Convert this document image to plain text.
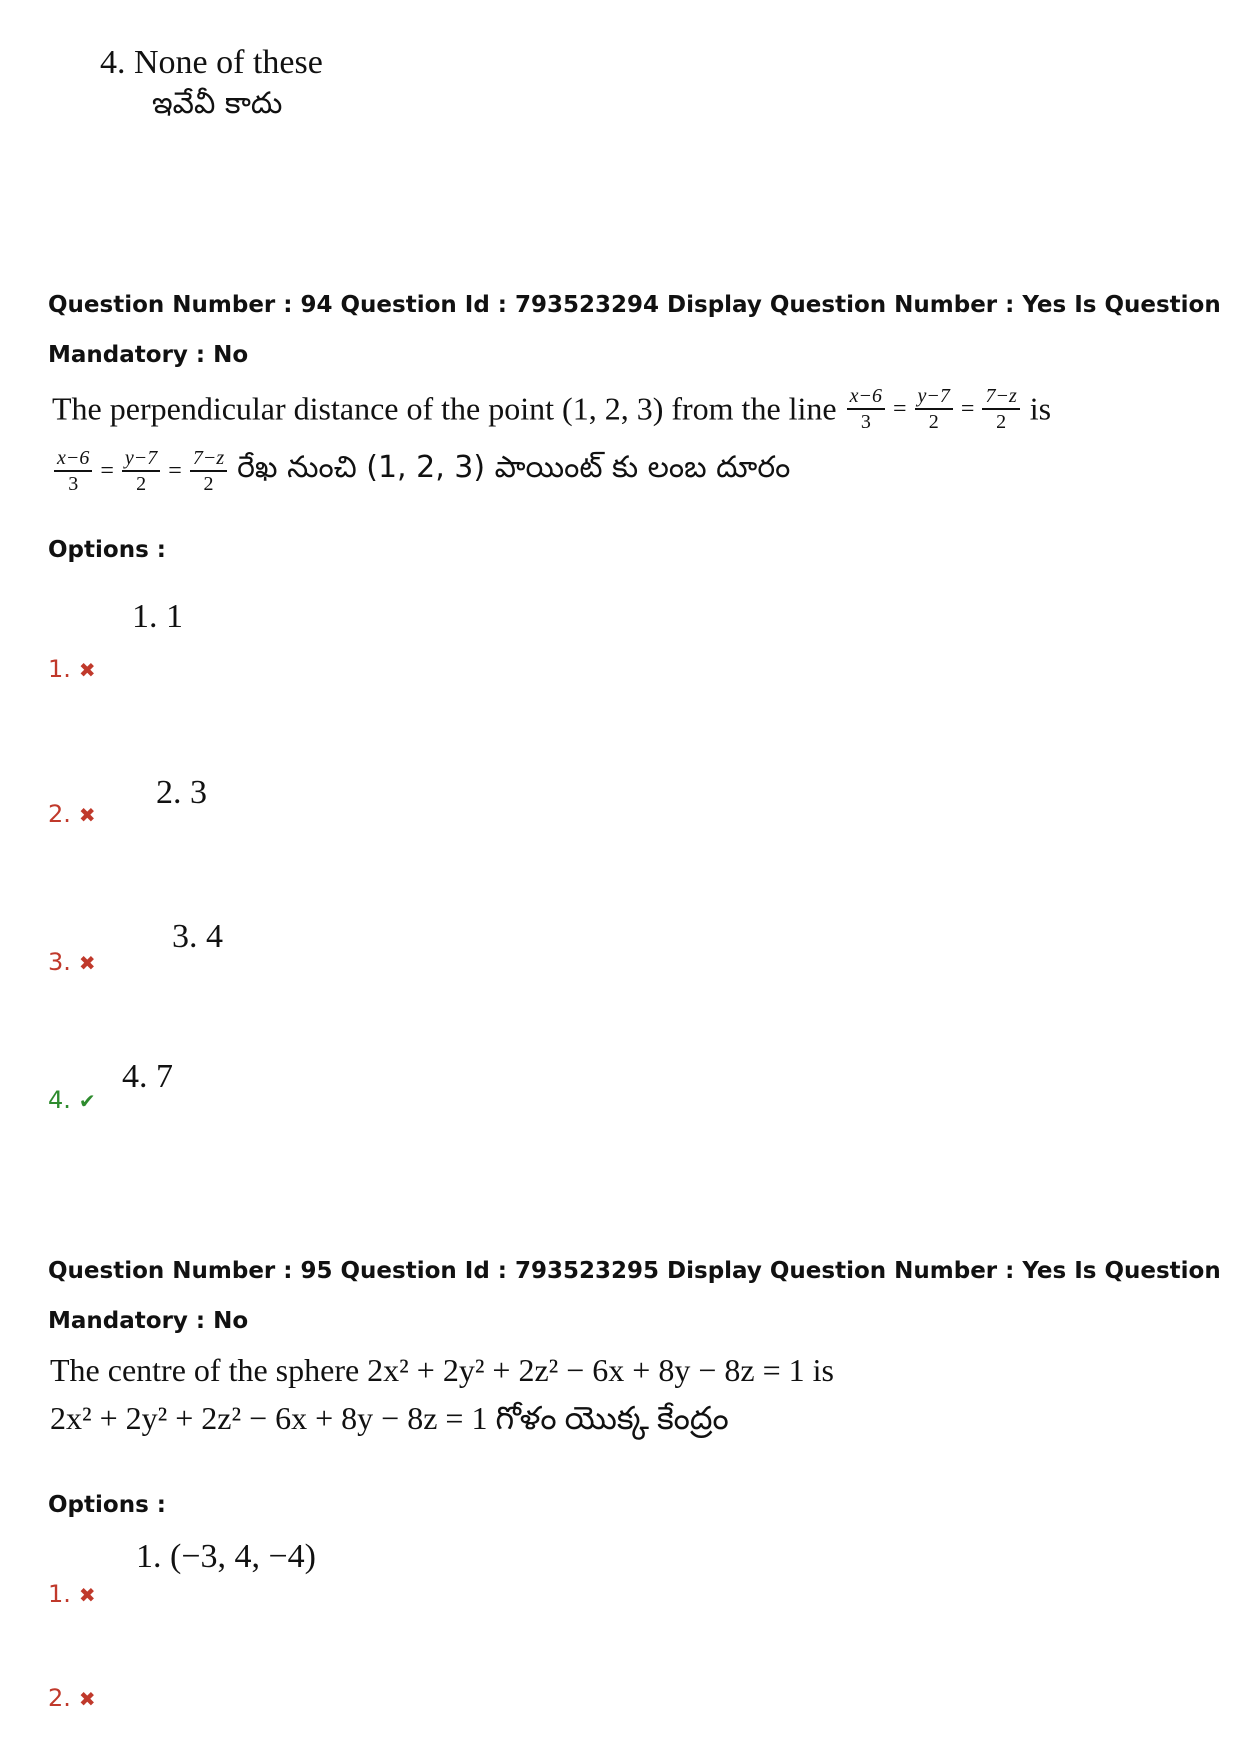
4. None of these
ఇవేవీ కాదు
Question Number : 94 Question Id : 793523294 Display Question Number : Yes Is Question
Mandatory : No
The perpendicular distance of the point (1, 2, 3) from the line $\frac{x-6}{3} = \frac{y-7}{2} = \frac{7-z}{2}$ is
$\frac{x-6}{3} = \frac{y-7}{2} = \frac{7-z}{2}$ రేఖ నుంచి (1, 2, 3) పాయింట్ కు లంబ దూరం
Options :
1. 1
1. ✖
2. 3
2. ✖
3. 4
3. ✖
4. 7
4. ✔
Question Number : 95 Question Id : 793523295 Display Question Number : Yes Is Question
Mandatory : No
The centre of the sphere 2x² + 2y² + 2z² − 6x + 8y − 8z = 1 is
2x² + 2y² + 2z² − 6x + 8y − 8z = 1 గోళం యొక్క కేంద్రం
Options :
1. (−3, 4, −4)
1. ✖
2. ✖
